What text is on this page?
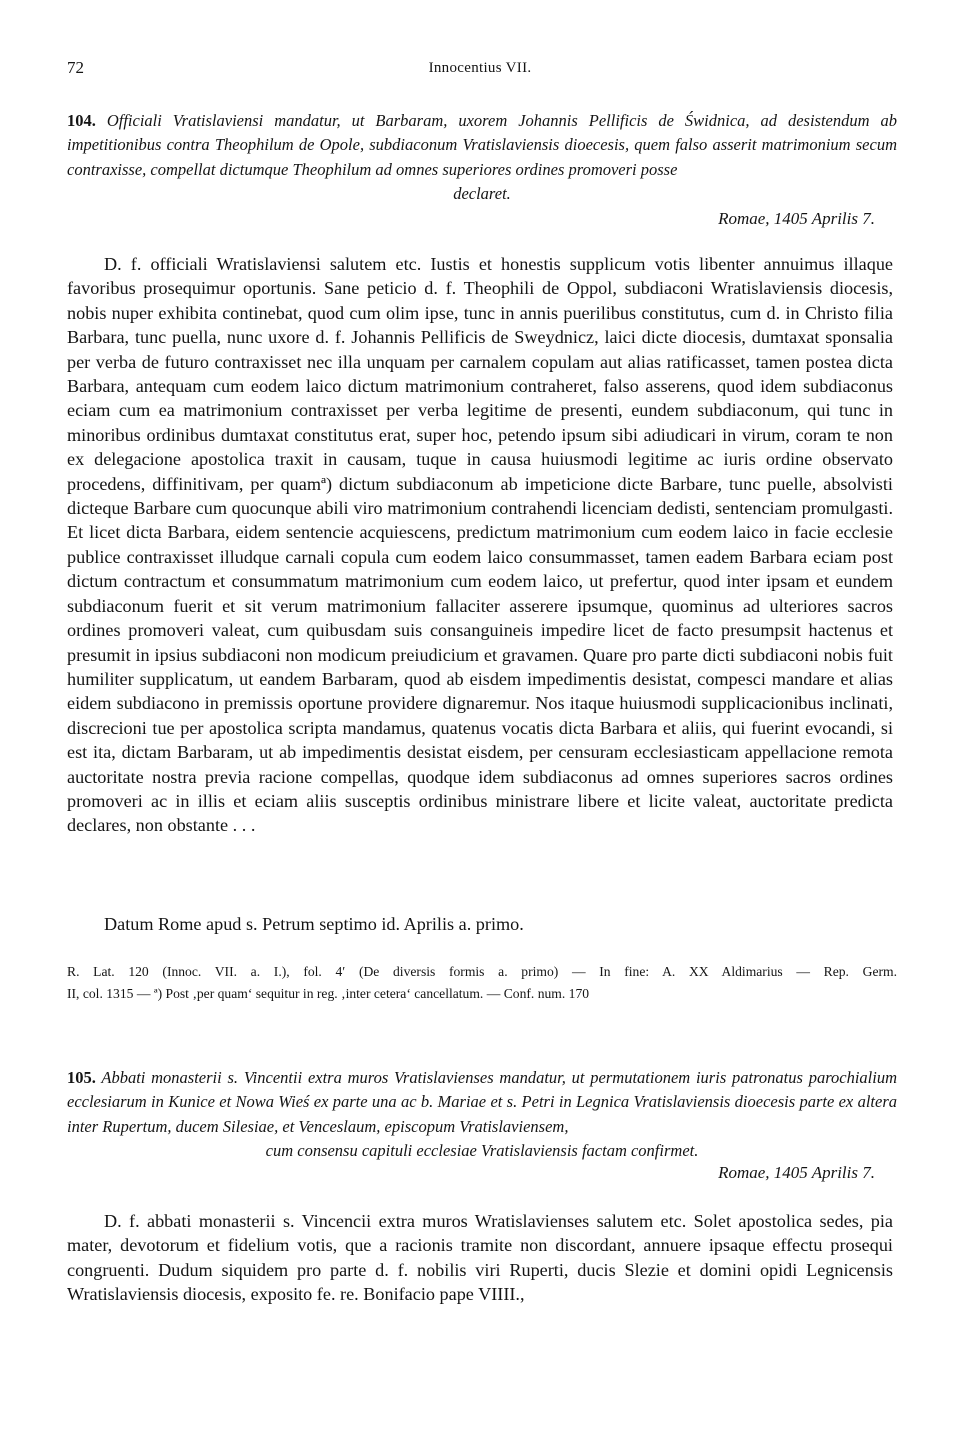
72	Innocentius VII.
104. Officiali Vratislaviensi mandatur, ut Barbaram, uxorem Johannis Pellificis de Świdnica, ad desistendum ab impetitionibus contra Theophilum de Opole, subdiaconum Vratislaviensis dioecesis, quem falso asserit matrimonium secum contraxisse, compellat dictumque Theophilum ad omnes superiores ordines promoveri posse
declaret.
Romae, 1405 Aprilis 7.

D. f. officiali Wratislaviensi salutem etc. Iustis et honestis supplicum votis libenter annuimus illaque favoribus prosequimur oportunis. Sane peticio d. f. Theophili de Oppol, subdiaconi Wratislaviensis diocesis, nobis nuper exhibita continebat, quod cum olim ipse, tunc in annis puerilibus constitutus, cum d. in Christo filia Barbara, tunc puella, nunc uxore d. f. Johannis Pellificis de Sweydnicz, laici dicte diocesis, dumtaxat sponsalia per verba de futuro contraxisset nec illa unquam per carnalem copulam aut alias ratificasset, tamen postea dicta Barbara, antequam cum eodem laico dictum matrimonium contraheret, falso asserens, quod idem subdiaconus eciam cum ea matrimonium contraxisset per verba legitime de presenti, eundem subdiaconum, qui tunc in minoribus ordinibus dumtaxat constitutus erat, super hoc, petendo ipsum sibi adiudicari in virum, coram te non ex delegacione apostolica traxit in causam, tuque in causa huiusmodi legitime ac iuris ordine observato procedens, diffinitivam, per quamª) dictum subdiaconum ab impeticione dicte Barbare, tunc puelle, absolvisti dicteque Barbare cum quocunque abili viro matrimonium contrahendi licenciam dedisti, sentenciam promulgasti. Et licet dicta Barbara, eidem sentencie acquiescens, predictum matrimonium cum eodem laico in facie ecclesie publice contraxisset illudque carnali copula cum eodem laico consummasset, tamen eadem Barbara eciam post dictum contractum et consummatum matrimonium cum eodem laico, ut prefertur, quod inter ipsam et eundem subdiaconum fuerit et sit verum matrimonium fallaciter asserere ipsumque, quominus ad ulteriores sacros ordines promoveri valeat, cum quibusdam suis consanguineis impedire licet de facto presumpsit hactenus et presumit in ipsius subdiaconi non modicum preiudicium et gravamen. Quare pro parte dicti subdiaconi nobis fuit humiliter supplicatum, ut eandem Barbaram, quod ab eisdem impedimentis desistat, compesci mandare et alias eidem subdiacono in premissis oportune providere dignaremur. Nos itaque huiusmodi supplicacionibus inclinati, discrecioni tue per apostolica scripta mandamus, quatenus vocatis dicta Barbara et aliis, qui fuerint evocandi, si est ita, dictam Barbaram, ut ab impedimentis desistat eisdem, per censuram ecclesiasticam appellacione remota auctoritate nostra previa racione compellas, quodque idem subdiaconus ad omnes superiores sacros ordines promoveri ac in illis et eciam aliis susceptis ordinibus ministrare libere et licite valeat, auctoritate predicta declares, non obstante . . .

Datum Rome apud s. Petrum septimo id. Aprilis a. primo.
R. Lat. 120 (Innoc. VII. a. I.), fol. 4′ (De diversis formis a. primo) — In fine: A. XX Aldimarius — Rep. Germ.
II, col. 1315 — ª) Post ‚per quam‘ sequitur in reg. ‚inter cetera‘ cancellatum. — Conf. num. 170
105. Abbati monasterii s. Vincentii extra muros Vratislavienses mandatur, ut permutationem iuris patronatus parochialium ecclesiarum in Kunice et Nowa Wieś ex parte una ac b. Mariae et s. Petri in Legnica Vratislaviensis dioecesis parte ex altera inter Rupertum, ducem Silesiae, et Venceslaum, episcopum Vratislaviensem,
cum consensu capituli ecclesiae Vratislaviensis factam confirmet.
Romae, 1405 Aprilis 7.

D. f. abbati monasterii s. Vincencii extra muros Wratislavienses salutem etc. Solet apostolica sedes, pia mater, devotorum et fidelium votis, que a racionis tramite non discordant, annuere ipsaque effectu prosequi congruenti. Dudum siquidem pro parte d. f. nobilis viri Ruperti, ducis Slezie et domini opidi Legnicensis Wratislaviensis diocesis, exposito fe. re. Bonifacio pape VIIII.,
